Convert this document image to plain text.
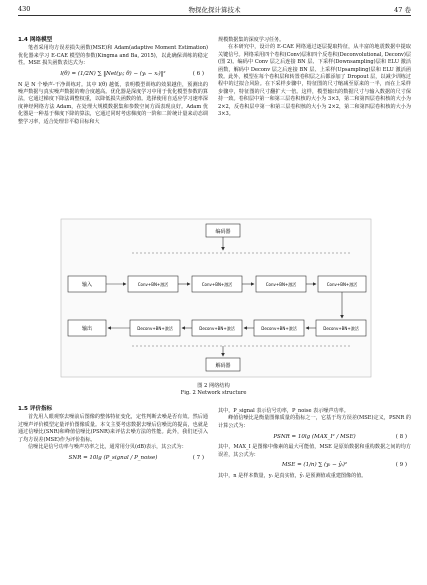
430	物探化探计算技术	47 卷
1.4 网络模型

笔者采用均方误差损失函数(MSE)和 Adam(adaptive Moment Estimation)优化器来学习 E-CAE 模型的参数(Kingma and Ba, 2015)，以此确保训练的稳定性。MSE 损失函数表达式为：

l(θ) = (1/2N) ∑ ‖Net(yᵢ; θ) − (yᵢ − xᵢ)‖²	( 6 )

N 是 N 个噪声-干净训练对。其中 l(θ) 越低，表明模型训练的效果越佳，预测出的噪声数据与真实噪声数据的吻合度越高。优化器是深度学习中用于优化模型参数的算法，它通过梯度下降法调整权重，以降低损失函数的值。选择使用自适应学习速率深度神经网络方法 Adam，在处理大规模数据集和参数空间方面表现良好。Adam 优化器是一种基于梯度下降的算法，它通过同时考虑梯度的一阶和二阶统计量来动态调整学习率，适合处理非平稳目标和大

规模数据集的深度学习任务。

在本研究中，设计的 E-CAE 网络通过逐层提取特征，从丰富的地震数据中提取关键信号。网络采用四个卷积(Conv)层和四个反卷积(Deconvolutional, Deconv)层(图 2)。编码中 Conv 层之后连接 BN 层、下采样(Downsampling)层和 ELU 激活函数，解码中 Deconv 层之后连接 BN 层、上采样(Upsampling)层和 ELU 激活函数。此外，模型在每个卷积层和转置卷积层之后都添加了 Dropout 层，以减少训练过程中的过拟合风险。在下采样步骤中，特征图的尺寸缩减至原来的一半，而在上采样步骤中，特征图的尺寸翻扩大一倍。这样，模型输出的数据尺寸与输入数据的尺寸保持一致。卷积层中第一和第三层卷积核的大小为 3×3，第二和第四层卷积核的大小为 2×2，反卷积层中第一和第三层卷积核的大小为 2×2，第二和第四层卷积核的大小为 3×3。

编码器
输入	Conv+BN+激活	Conv+BN+激活	Conv+BN+激活	Conv+BN+激活
Deconv+BN+激活
Deconv+BN+激活
Deconv+BN+激活
Deconv+BN+激活
输出
解码器
图 2 网络结构
Fig. 2 Network structure
1.5 评价指标

首先用人眼观察去噪前后图像的整体特征变化，定性判断去噪是否有效。然后通过噪声评价模型定量评价图像质量。本文主要考虑数据去噪后信噪比的提高，也就是通过信噪比(SNR)和峰值信噪比(PSNR)来评估去噪方法的性能。此外，我们还引入了均方误差(MSE)作为评价指标。

信噪比是信号功率与噪声功率之比，通常用分贝(dB)表示，其公式为：

SNR = 10lg (P_signal / P_noise)	( 7 )

其中，P_signal 表示信号功率，P_noise 表示噪声功率。

峰值信噪比是衡量图像质量的指标之一，它基于均方误差(MSE)定义，PSNR 的计算公式为：

PSNR = 10lg (MAX_I² / MSE)	( 8 )

其中，MAX_I 是图像中像素的最大可能值，MSE 是原始数据和重构数据之间的均方误差，其公式为：

MSE = (1/n) ∑ (yᵢ − ŷᵢ)²	( 9 )

其中，n 是样本数量，yᵢ 是真实值，ŷᵢ 是预测值或重建图像的值。
